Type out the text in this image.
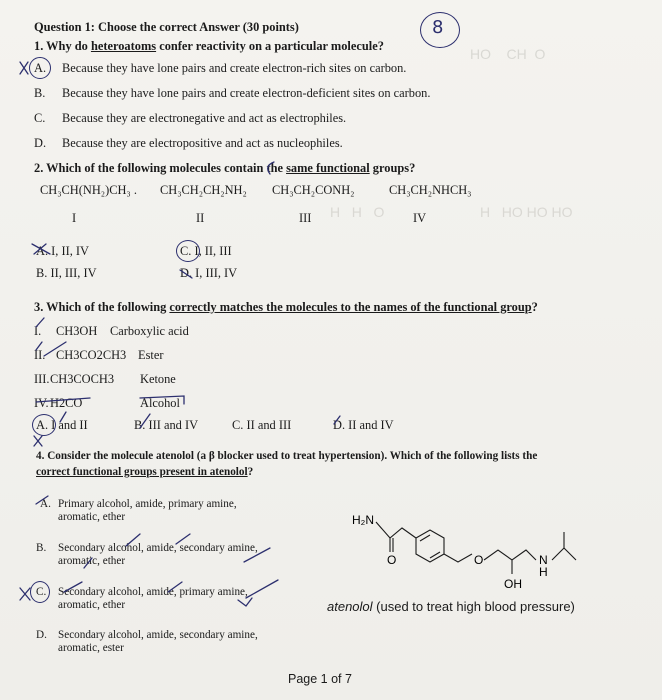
HO    CH  O
H   HO HO HO
H   H   O
Question 1: Choose the correct Answer (30 points)	8
1. Why do heteroatoms confer reactivity on a particular molecule?
A. Because they have lone pairs and create electron-rich sites on carbon.
B. Because they have lone pairs and create electron-deficient sites on carbon.
C. Because they are electronegative and act as electrophiles.
D. Because they are electropositive and act as nucleophiles.
2. Which of the following molecules contain the same functional groups?
CH₃CH(NH₂)CH₃ . CH₃CH₂CH₂NH₂ CH₃CH₂CONH₂	CH₃CH₂NHCH₃
I	II	III	IV
A. I, II, IV	C. I, II, III
B. II, III, IV	D. I, III, IV
3. Which of the following correctly matches the molecules to the names of the functional group?
I. CH3OH Carboxylic acid
II. CH3CO2CH3 Ester
III. CH3COCH3 Ketone
IV. H2CO	Alcohol
A. I and II	B. III and IV	C. II and III	D. II and IV
4. Consider the molecule atenolol (a β blocker used to treat hypertension). Which of the following lists the
correct functional groups present in atenolol?
A. Primary alcohol, amide, primary amine,
aromatic, ether
B. Secondary alcohol, amide, secondary amine,
aromatic, ether
C. Secondary alcohol, amide, primary amine,
aromatic, ether
D. Secondary alcohol, amide, secondary amine,
aromatic, ester
H₂N
O	O	N
H
OH
atenolol (used to treat high blood pressure)
Page 1 of 7
